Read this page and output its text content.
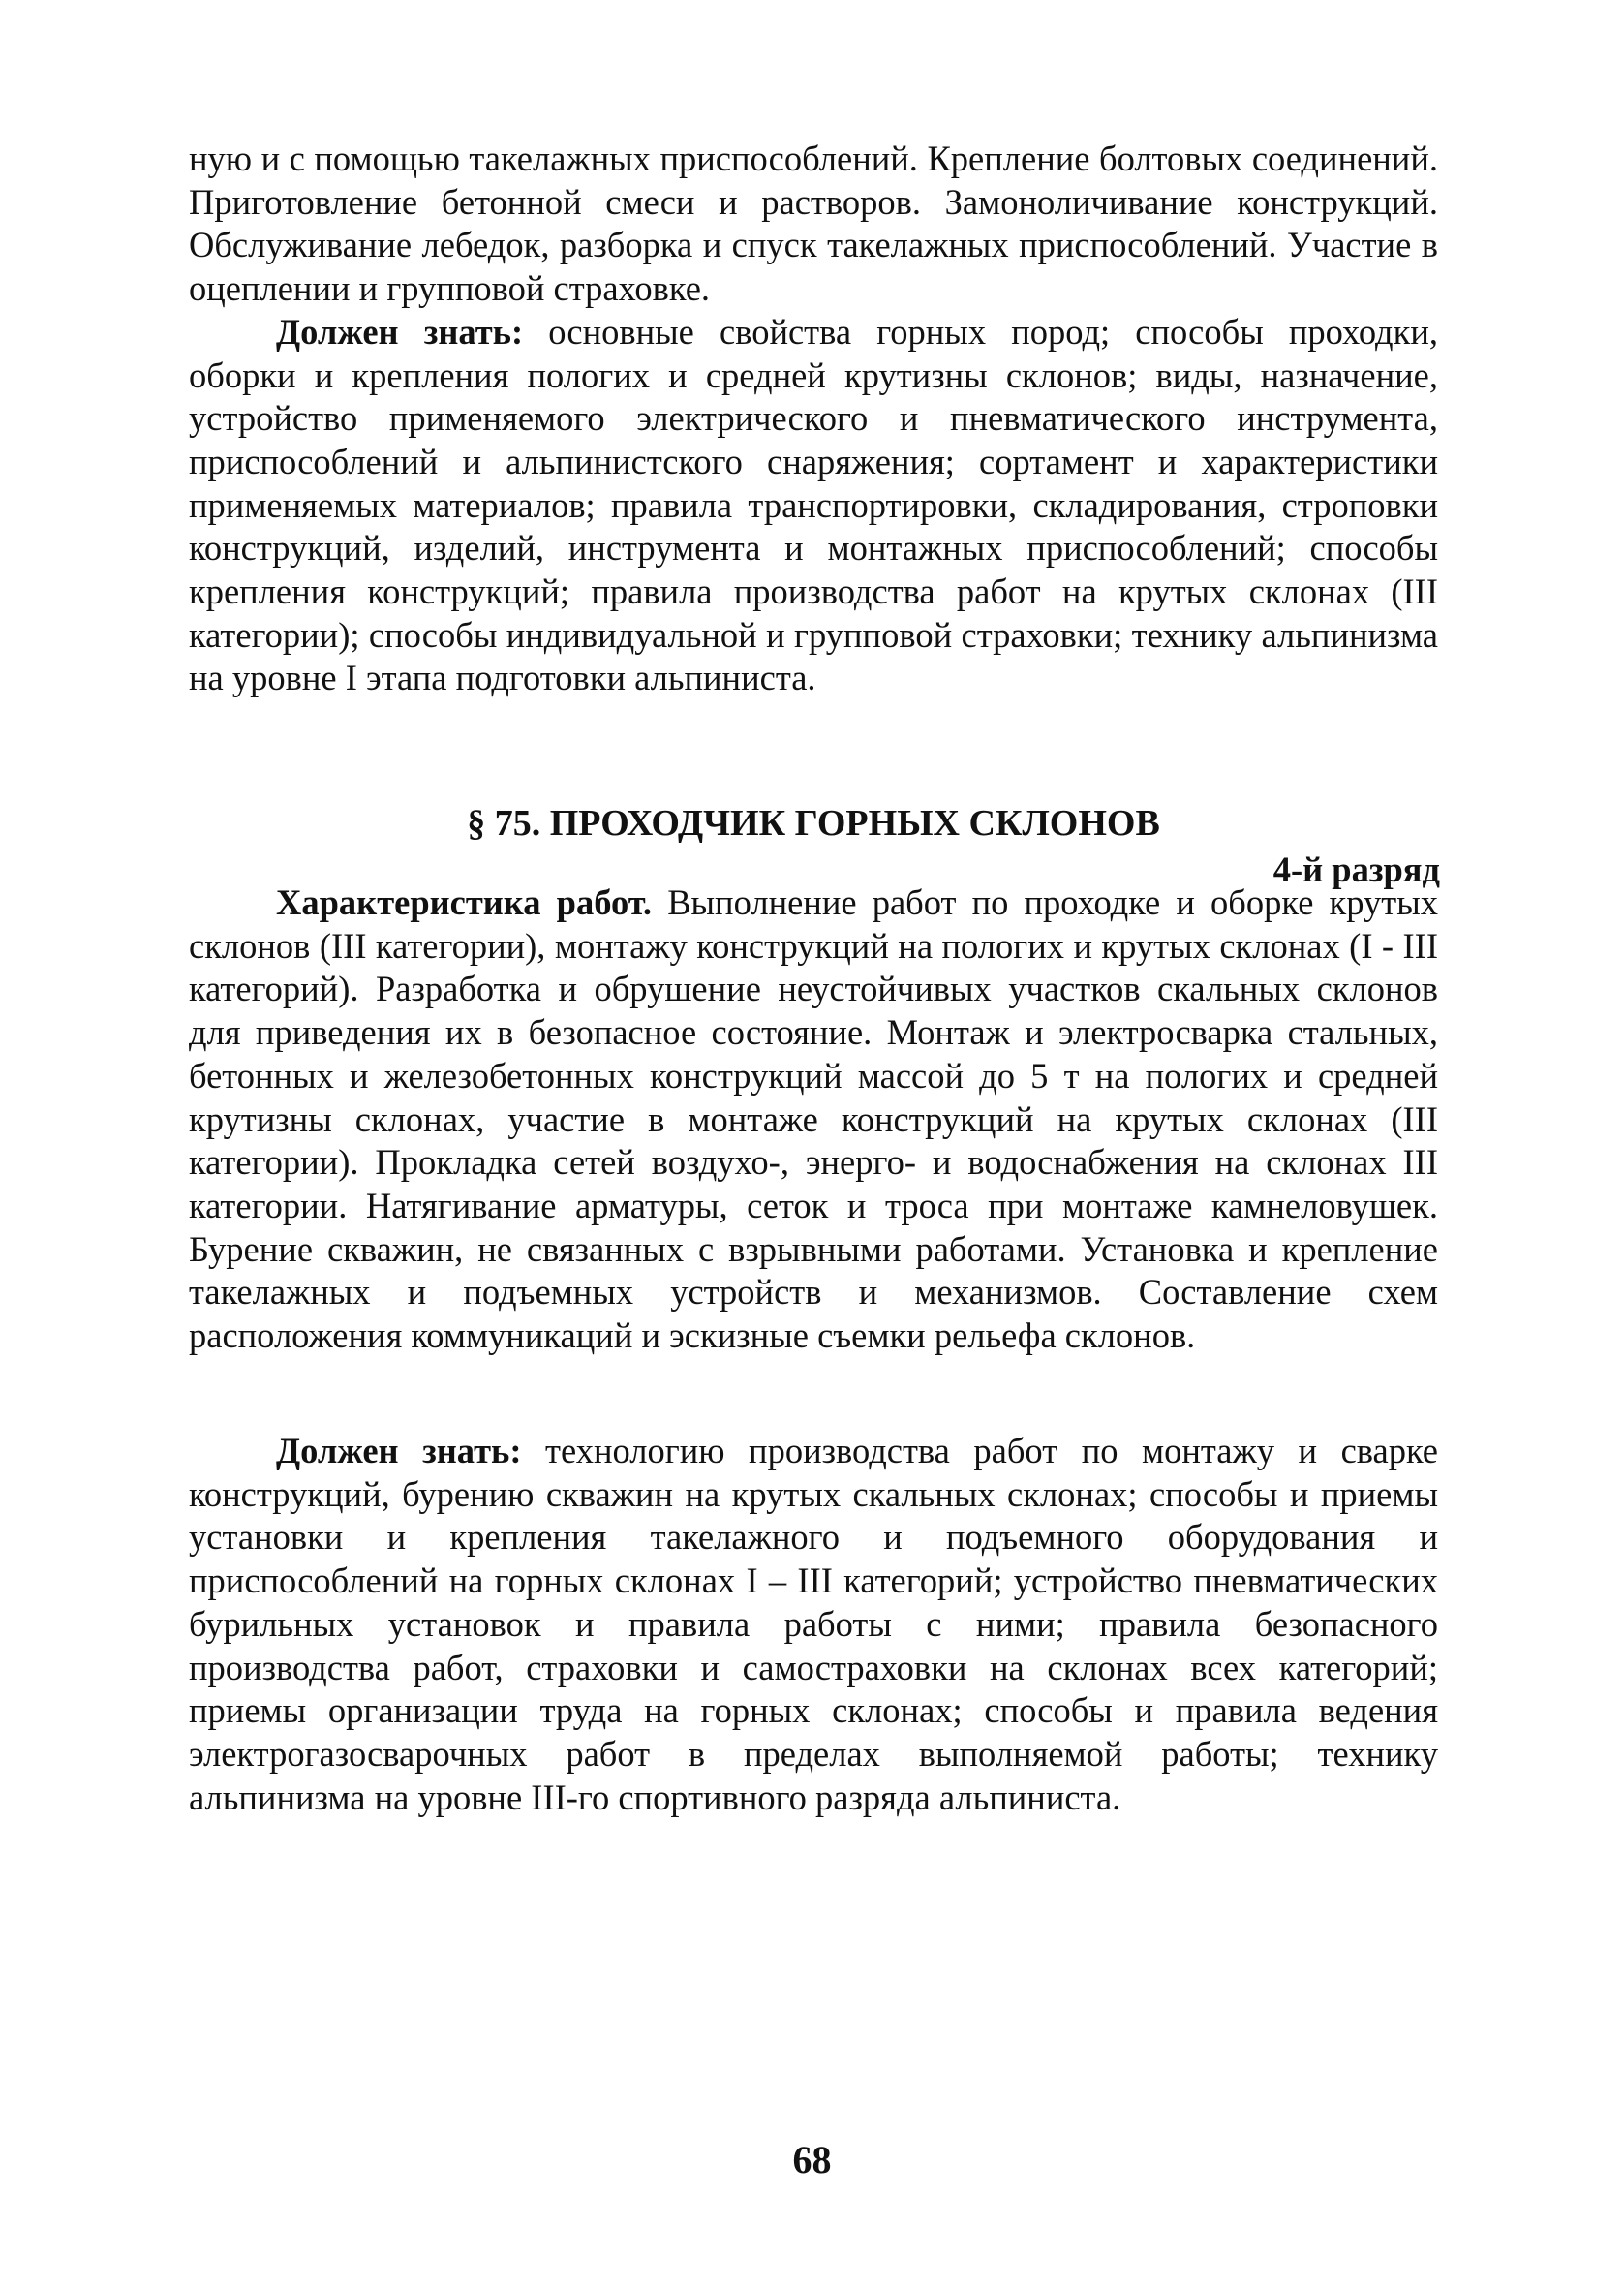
ную и с помощью такелажных приспособлений. Крепление болтовых соединений. Приготовление бетонной смеси и растворов. Замоноличивание конструкций. Обслуживание лебедок, разборка и спуск такелажных приспособлений. Участие в оцеплении и групповой страховке.

Должен знать: основные свойства горных пород; способы проходки, оборки и крепления пологих и средней крутизны склонов; виды, назначение, устройство применяемого электрического и пневматического инструмента, приспособлений и альпинистского снаряжения; сортамент и характеристики применяемых материалов; правила транспортировки, складирования, строповки конструкций, изделий, инструмента и монтажных приспособлений; способы крепления конструкций; правила производства работ на крутых склонах (III категории); способы индивидуальной и групповой страховки; технику альпинизма на уровне I этапа подготовки альпиниста.

§ 75. ПРОХОДЧИК ГОРНЫХ СКЛОНОВ
4-й разряд

Характеристика работ. Выполнение работ по проходке и оборке крутых склонов (III категории), монтажу конструкций на пологих и крутых склонах (I - III категорий). Разработка и обрушение неустойчивых участков скальных склонов для приведения их в безопасное состояние. Монтаж и электросварка стальных, бетонных и железобетонных конструкций массой до 5 т на пологих и средней крутизны склонах, участие в монтаже конструкций на крутых склонах (III категории). Прокладка сетей воздухо-, энерго- и водоснабжения на склонах III категории. Натягивание арматуры, сеток и троса при монтаже камнеловушек. Бурение скважин, не связанных с взрывными работами. Установка и крепление такелажных и подъемных устройств и механизмов. Составление схем расположения коммуникаций и эскизные съемки рельефа склонов.

Должен знать: технологию производства работ по монтажу и сварке конструкций, бурению скважин на крутых скальных склонах; способы и приемы установки и крепления такелажного и подъемного оборудования и приспособлений на горных склонах I – III категорий; устройство пневматических бурильных установок и правила работы с ними; правила безопасного производства работ, страховки и самостраховки на склонах всех категорий; приемы организации труда на горных склонах; способы и правила ведения электрогазосварочных работ в пределах выполняемой работы; технику альпинизма на уровне III-го спортивного разряда альпиниста.

68
